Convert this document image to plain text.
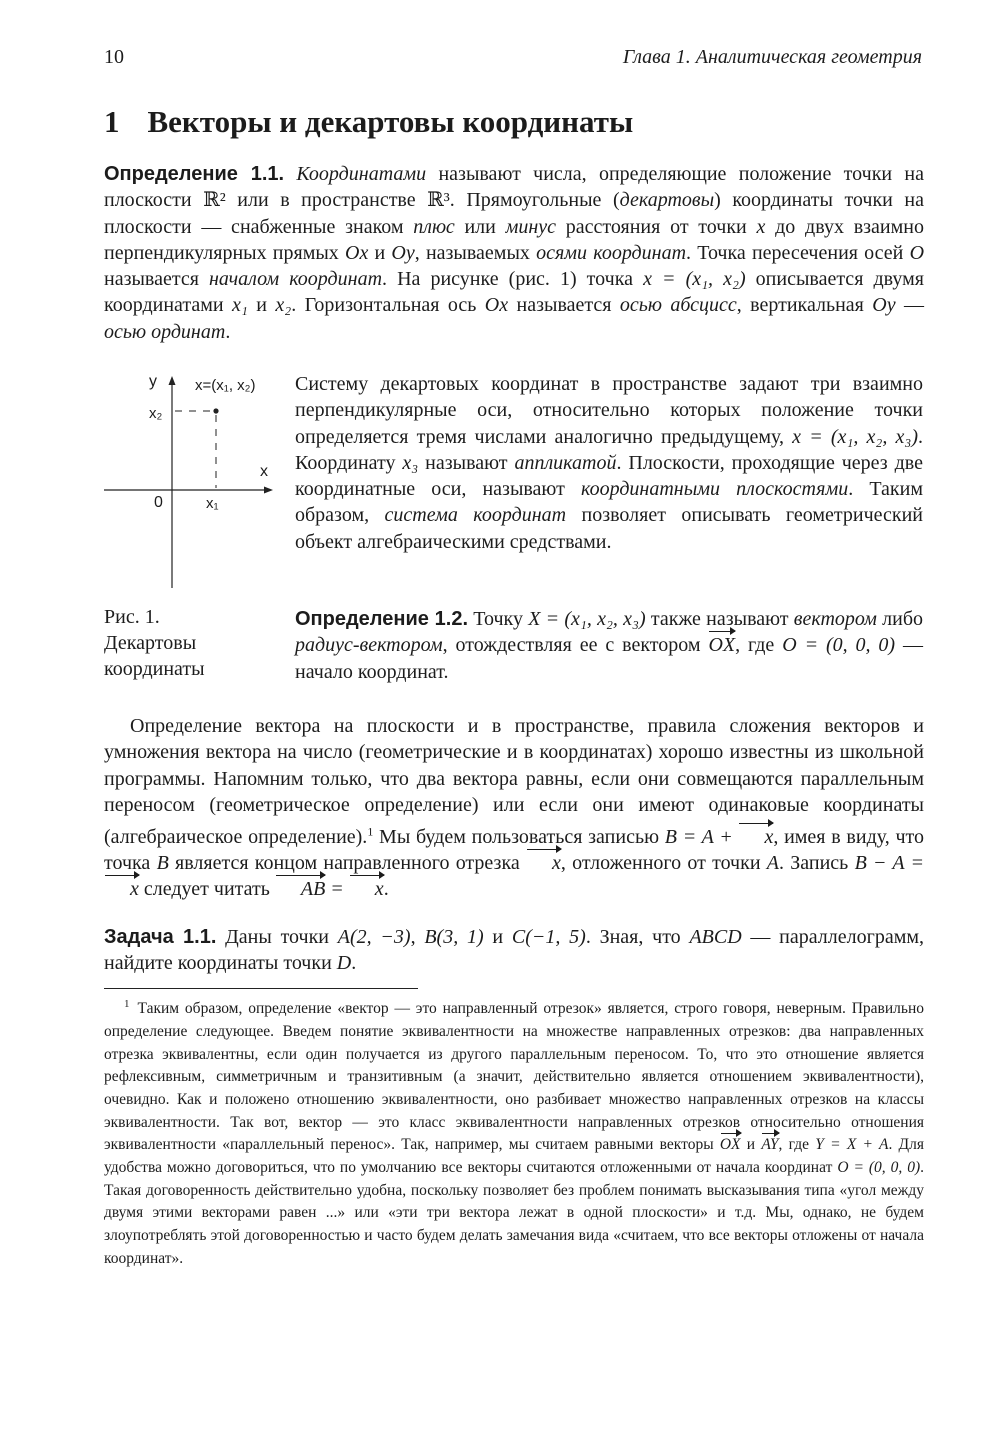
10	Глава 1. Аналитическая геометрия
1 Векторы и декартовы координаты
Определение 1.1. Координатами называют числа, определяющие положение точки на плоскости ℝ² или в пространстве ℝ³. Прямоугольные (декартовы) координаты точки на плоскости — снабженные знаком плюс или минус расстояния от точки x до двух взаимно перпендикулярных прямых Ox и Oy, называемых осями координат. Точка пересечения осей O называется началом координат. На рисунке (рис. 1) точка x = (x₁, x₂) описывается двумя координатами x₁ и x₂. Горизонтальная ось Ox называется осью абсцисс, вертикальная Oy — осью ординат.
y	x=(x₁, x₂)
x₂
x
0	x₁
Рис. 1.
Декартовы
координаты
Систему декартовых координат в пространстве задают три взаимно перпендикулярные оси, относительно которых положение точки определяется тремя числами аналогично предыдущему, x = (x₁, x₂, x₃). Координату x₃ называют аппликатой. Плоскости, проходящие через две координатные оси, называют координатными плоскостями. Таким образом, система координат позволяет описывать геометрический объект алгебраическими средствами.
Определение 1.2. Точку X = (x₁, x₂, x₃) также называют вектором либо радиус-вектором, отождествляя ее с вектором OX, где O = (0, 0, 0) — начало координат.
Определение вектора на плоскости и в пространстве, правила сложения векторов и умножения вектора на число (геометрические и в координатах) хорошо известны из школьной программы. Напомним только, что два вектора равны, если они совмещаются параллельным переносом (геометрическое определение) или если они имеют одинаковые координаты (алгебраическое определение).$^1$ Мы будем пользоваться записью B = A + x, имея в виду, что точка B является концом направленного отрезка x, отложенного от точки A. Запись B − A = x следует читать AB = x.
Задача 1.1. Даны точки A(2, −3), B(3, 1) и C(−1, 5). Зная, что ABCD — параллелограмм, найдите координаты точки D.
$^1$ Таким образом, определение «вектор — это направленный отрезок» является, строго говоря, неверным. Правильно определение следующее. Введем понятие эквивалентности на множестве направленных отрезков: два направленных отрезка эквивалентны, если один получается из другого параллельным переносом. То, что это отношение является рефлексивным, симметричным и транзитивным (а значит, действительно является отношением эквивалентности), очевидно. Как и положено отношению эквивалентности, оно разбивает множество направленных отрезков на классы эквивалентности. Так вот, вектор — это класс эквивалентности направленных отрезков относительно отношения эквивалентности «параллельный перенос». Так, например, мы считаем равными векторы OX и AY, где Y = X + A. Для удобства можно договориться, что по умолчанию все векторы считаются отложенными от начала координат O = (0, 0, 0). Такая договоренность действительно удобна, поскольку позволяет без проблем понимать высказывания типа «угол между двумя этими векторами равен ...» или «эти три вектора лежат в одной плоскости» и т.д. Мы, однако, не будем злоупотреблять этой договоренностью и часто будем делать замечания вида «считаем, что все векторы отложены от начала координат».
